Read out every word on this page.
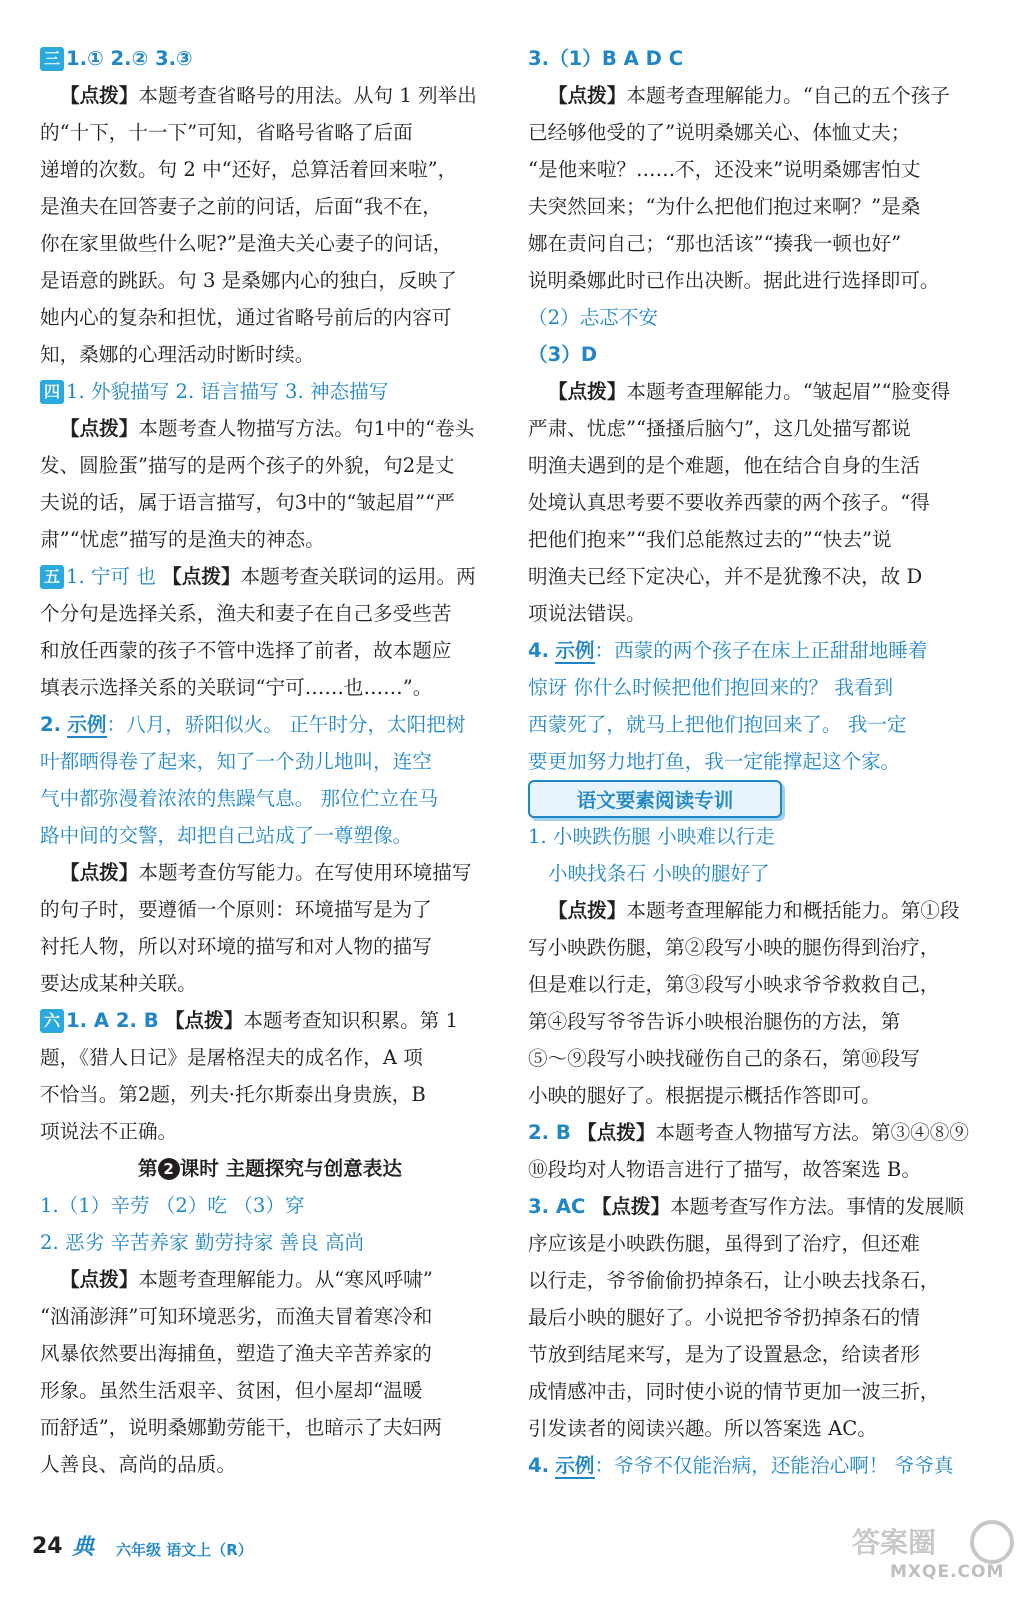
三 1.① 2.② 3.③
【点拨】本题考查省略号的用法。从句 1 列举出
的“十下，十一下”可知，省略号省略了后面
递增的次数。句 2 中“还好，总算活着回来啦”，
是渔夫在回答妻子之前的问话，后面“我不在，
你在家里做些什么呢?”是渔夫关心妻子的问话，
是语意的跳跃。句 3 是桑娜内心的独白，反映了
她内心的复杂和担忧，通过省略号前后的内容可
知，桑娜的心理活动时断时续。
四 1. 外貌描写 2. 语言描写 3. 神态描写
【点拨】本题考查人物描写方法。句1中的“卷头
发、圆脸蛋”描写的是两个孩子的外貌，句2是丈
夫说的话，属于语言描写，句3中的“皱起眉”“严
肃”“忧虑”描写的是渔夫的神态。
五 1. 宁可 也 【点拨】本题考查关联词的运用。两
个分句是选择关系，渔夫和妻子在自己多受些苦
和放任西蒙的孩子不管中选择了前者，故本题应
填表示选择关系的关联词“宁可……也……”。
2. 示例：八月，骄阳似火。 正午时分，太阳把树
叶都晒得卷了起来，知了一个劲儿地叫，连空
气中都弥漫着浓浓的焦躁气息。 那位伫立在马
路中间的交警，却把自己站成了一尊塑像。
【点拨】本题考查仿写能力。在写使用环境描写
的句子时，要遵循一个原则：环境描写是为了
衬托人物，所以对环境的描写和对人物的描写
要达成某种关联。
六 1. A 2. B 【点拨】本题考查知识积累。第 1
题，《猎人日记》是屠格涅夫的成名作，A 项
不恰当。第2题，列夫·托尔斯泰出身贵族，B
项说法不正确。
第 2 课时 主题探究与创意表达
1.（1）辛劳 （2）吃 （3）穿
2. 恶劣 辛苦养家 勤劳持家 善良 高尚
【点拨】本题考查理解能力。从“寒风呼啸”
“汹涌澎湃”可知环境恶劣，而渔夫冒着寒冷和
风暴依然要出海捕鱼，塑造了渔夫辛苦养家的
形象。虽然生活艰辛、贫困，但小屋却“温暖
而舒适”，说明桑娜勤劳能干，也暗示了夫妇两
人善良、高尚的品质。
3.（1）B A D C
【点拨】本题考查理解能力。“自己的五个孩子
已经够他受的了”说明桑娜关心、体恤丈夫；
“是他来啦？……不，还没来”说明桑娜害怕丈
夫突然回来；“为什么把他们抱过来啊？”是桑
娜在责问自己；“那也活该”“揍我一顿也好”
说明桑娜此时已作出决断。据此进行选择即可。
（2）忐忑不安
（3）D
【点拨】本题考查理解能力。“皱起眉”“脸变得
严肃、忧虑”“搔搔后脑勺”，这几处描写都说
明渔夫遇到的是个难题，他在结合自身的生活
处境认真思考要不要收养西蒙的两个孩子。“得
把他们抱来”“我们总能熬过去的”“快去”说
明渔夫已经下定决心，并不是犹豫不决，故 D
项说法错误。
4. 示例：西蒙的两个孩子在床上正甜甜地睡着
惊讶 你什么时候把他们抱回来的？ 我看到
西蒙死了，就马上把他们抱回来了。 我一定
要更加努力地打鱼，我一定能撑起这个家。
语文要素阅读专训
1. 小映跌伤腿 小映难以行走
小映找条石 小映的腿好了
【点拨】本题考查理解能力和概括能力。第①段
写小映跌伤腿，第②段写小映的腿伤得到治疗，
但是难以行走，第③段写小映求爷爷救救自己，
第④段写爷爷告诉小映根治腿伤的方法，第
⑤～⑨段写小映找碰伤自己的条石，第⑩段写
小映的腿好了。根据提示概括作答即可。
2. B 【点拨】本题考查人物描写方法。第③④⑧⑨
⑩段均对人物语言进行了描写，故答案选 B。
3. AC 【点拨】本题考查写作方法。事情的发展顺
序应该是小映跌伤腿，虽得到了治疗，但还难
以行走，爷爷偷偷扔掉条石，让小映去找条石，
最后小映的腿好了。小说把爷爷扔掉条石的情
节放到结尾来写，是为了设置悬念，给读者形
成情感冲击，同时使小说的情节更加一波三折，
引发读者的阅读兴趣。所以答案选 AC。
4. 示例：爷爷不仅能治病，还能治心啊！ 爷爷真
24 典 六年级 语文上（R）	答案圈
MXQE.COM
